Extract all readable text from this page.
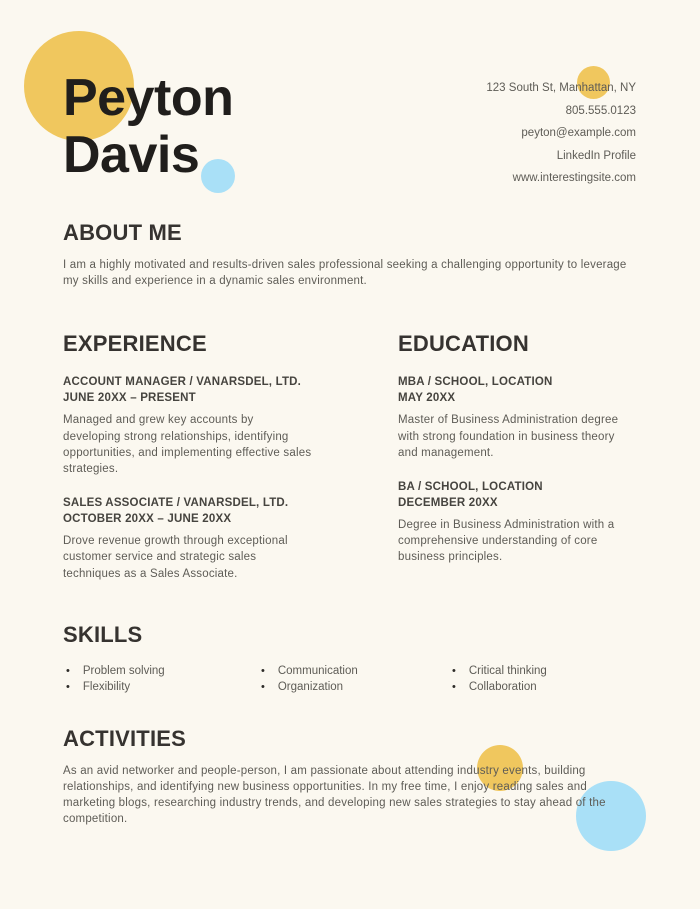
Peyton
Davis
123 South St, Manhattan, NY
805.555.0123
peyton@example.com
LinkedIn Profile
www.interestingsite.com
ABOUT ME

I am a highly motivated and results-driven sales professional seeking a challenging opportunity to leverage my skills and experience in a dynamic sales environment.

EXPERIENCE
ACCOUNT MANAGER / VANARSDEL, LTD.
JUNE 20XX – PRESENT

Managed and grew key accounts by developing strong relationships, identifying opportunities, and implementing effective sales strategies.

SALES ASSOCIATE / VANARSDEL, LTD.
OCTOBER 20XX – JUNE 20XX

Drove revenue growth through exceptional customer service and strategic sales techniques as a Sales Associate.

EDUCATION
MBA / SCHOOL, LOCATION
MAY 20XX

Master of Business Administration degree with strong foundation in business theory and management.

BA / SCHOOL, LOCATION
DECEMBER 20XX

Degree in Business Administration with a comprehensive understanding of core business principles.

SKILLS
• Problem solving
• Flexibility
• Communication
• Organization
• Critical thinking
• Collaboration
ACTIVITIES

As an avid networker and people-person, I am passionate about attending industry events, building relationships, and identifying new business opportunities. In my free time, I enjoy reading sales and marketing blogs, researching industry trends, and developing new sales strategies to stay ahead of the competition.
